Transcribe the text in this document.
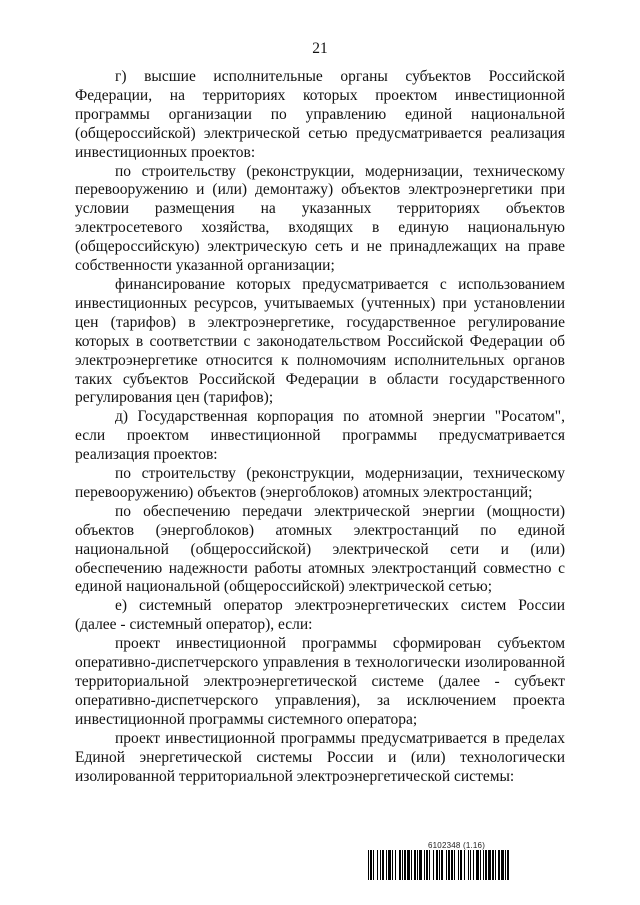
21

г) высшие исполнительные органы субъектов Российской Федерации, на территориях которых проектом инвестиционной программы организации по управлению единой национальной (общероссийской) электрической сетью предусматривается реализация инвестиционных проектов:

по строительству (реконструкции, модернизации, техническому перевооружению и (или) демонтажу) объектов электроэнергетики при условии размещения на указанных территориях объектов электросетевого хозяйства, входящих в единую национальную (общероссийскую) электрическую сеть и не принадлежащих на праве собственности указанной организации;

финансирование которых предусматривается с использованием инвестиционных ресурсов, учитываемых (учтенных) при установлении цен (тарифов) в электроэнергетике, государственное регулирование которых в соответствии с законодательством Российской Федерации об электроэнергетике относится к полномочиям исполнительных органов таких субъектов Российской Федерации в области государственного регулирования цен (тарифов);

д) Государственная корпорация по атомной энергии "Росатом", если проектом инвестиционной программы предусматривается реализация проектов:

по строительству (реконструкции, модернизации, техническому перевооружению) объектов (энергоблоков) атомных электростанций;

по обеспечению передачи электрической энергии (мощности) объектов (энергоблоков) атомных электростанций по единой национальной (общероссийской) электрической сети и (или) обеспечению надежности работы атомных электростанций совместно с единой национальной (общероссийской) электрической сетью;

е) системный оператор электроэнергетических систем России (далее - системный оператор), если:

проект инвестиционной программы сформирован субъектом оперативно-диспетчерского управления в технологически изолированной территориальной электроэнергетической системе (далее - субъект оперативно-диспетчерского управления), за исключением проекта инвестиционной программы системного оператора;

проект инвестиционной программы предусматривается в пределах Единой энергетической системы России и (или) технологически изолированной территориальной электроэнергетической системы:

6102348 (1.16)
